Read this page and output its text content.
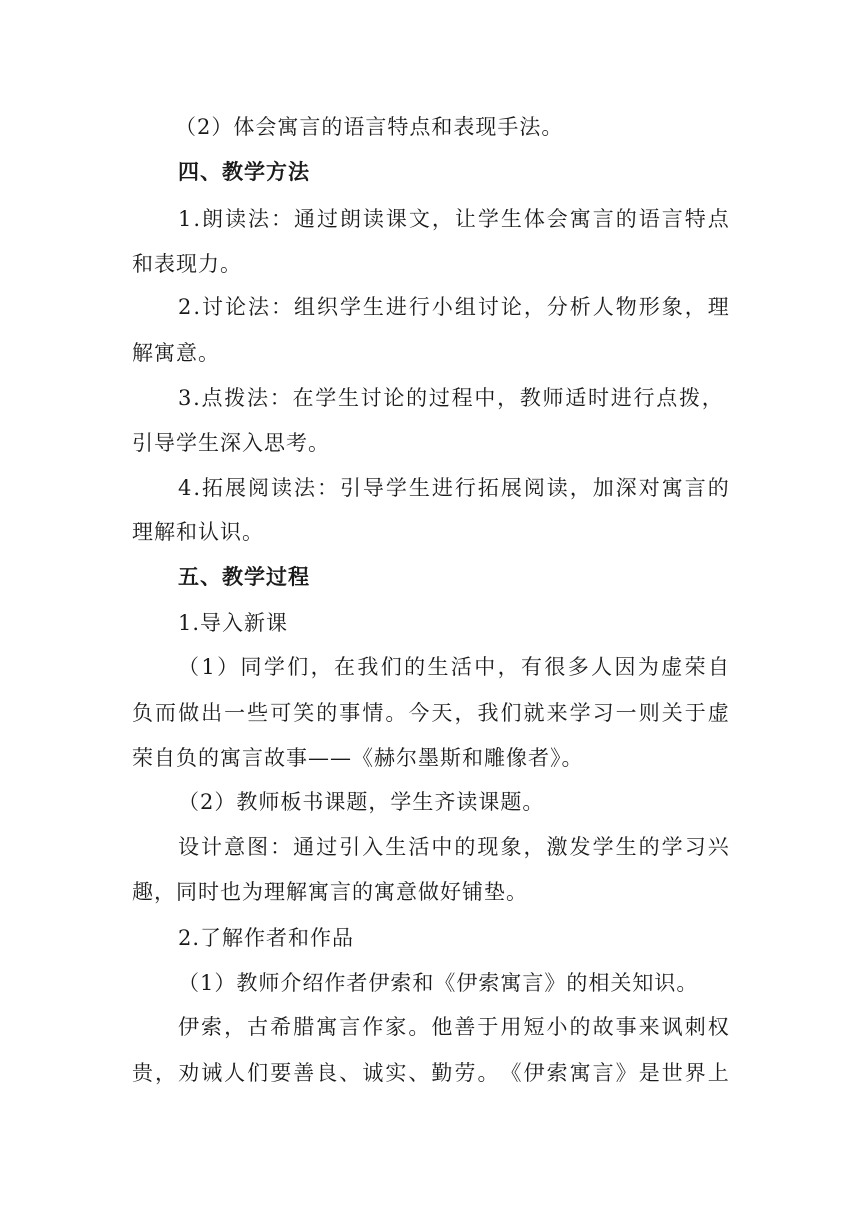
（2）体会寓言的语言特点和表现手法。
四、教学方法
1 . 朗 读 法 ： 通 过 朗 读 课 文 ， 让 学 生 体 会 寓 言 的 语 言 特 点
和表现力。
2 . 讨 论 法 ： 组 织 学 生 进 行 小 组 讨 论 ， 分 析 人 物 形 象 ， 理
解寓意。
3 . 点 拨 法 ： 在 学 生 讨 论 的 过 程 中 ， 教 师 适 时 进 行 点 拨 ，
引导学生深入思考。
4 . 拓 展 阅 读 法 ： 引 导 学 生 进 行 拓 展 阅 读 ， 加 深 对 寓 言 的
理解和认识。
五、教学过程
1.导入新课
（ 1 ） 同 学 们 ， 在 我 们 的 生 活 中 ， 有 很 多 人 因 为 虚 荣 自
负 而 做 出 一 些 可 笑 的 事 情 。 今 天 ， 我 们 就 来 学 习 一 则 关 于 虚
荣自负的寓言故事——《赫尔墨斯和雕像者》。
（2）教师板书课题，学生齐读课题。
设 计 意 图 ： 通 过 引 入 生 活 中 的 现 象 ， 激 发 学 生 的 学 习 兴
趣，同时也为理解寓言的寓意做好铺垫。
2.了解作者和作品
（1）教师介绍作者伊索和《伊索寓言》的相关知识。
伊 索 ， 古 希 腊 寓 言 作 家 。 他 善 于 用 短 小 的 故 事 来 讽 刺 权
贵 ， 劝 诫 人 们 要 善 良 、 诚 实 、 勤 劳 。 《 伊 索 寓 言 》 是 世 界 上
